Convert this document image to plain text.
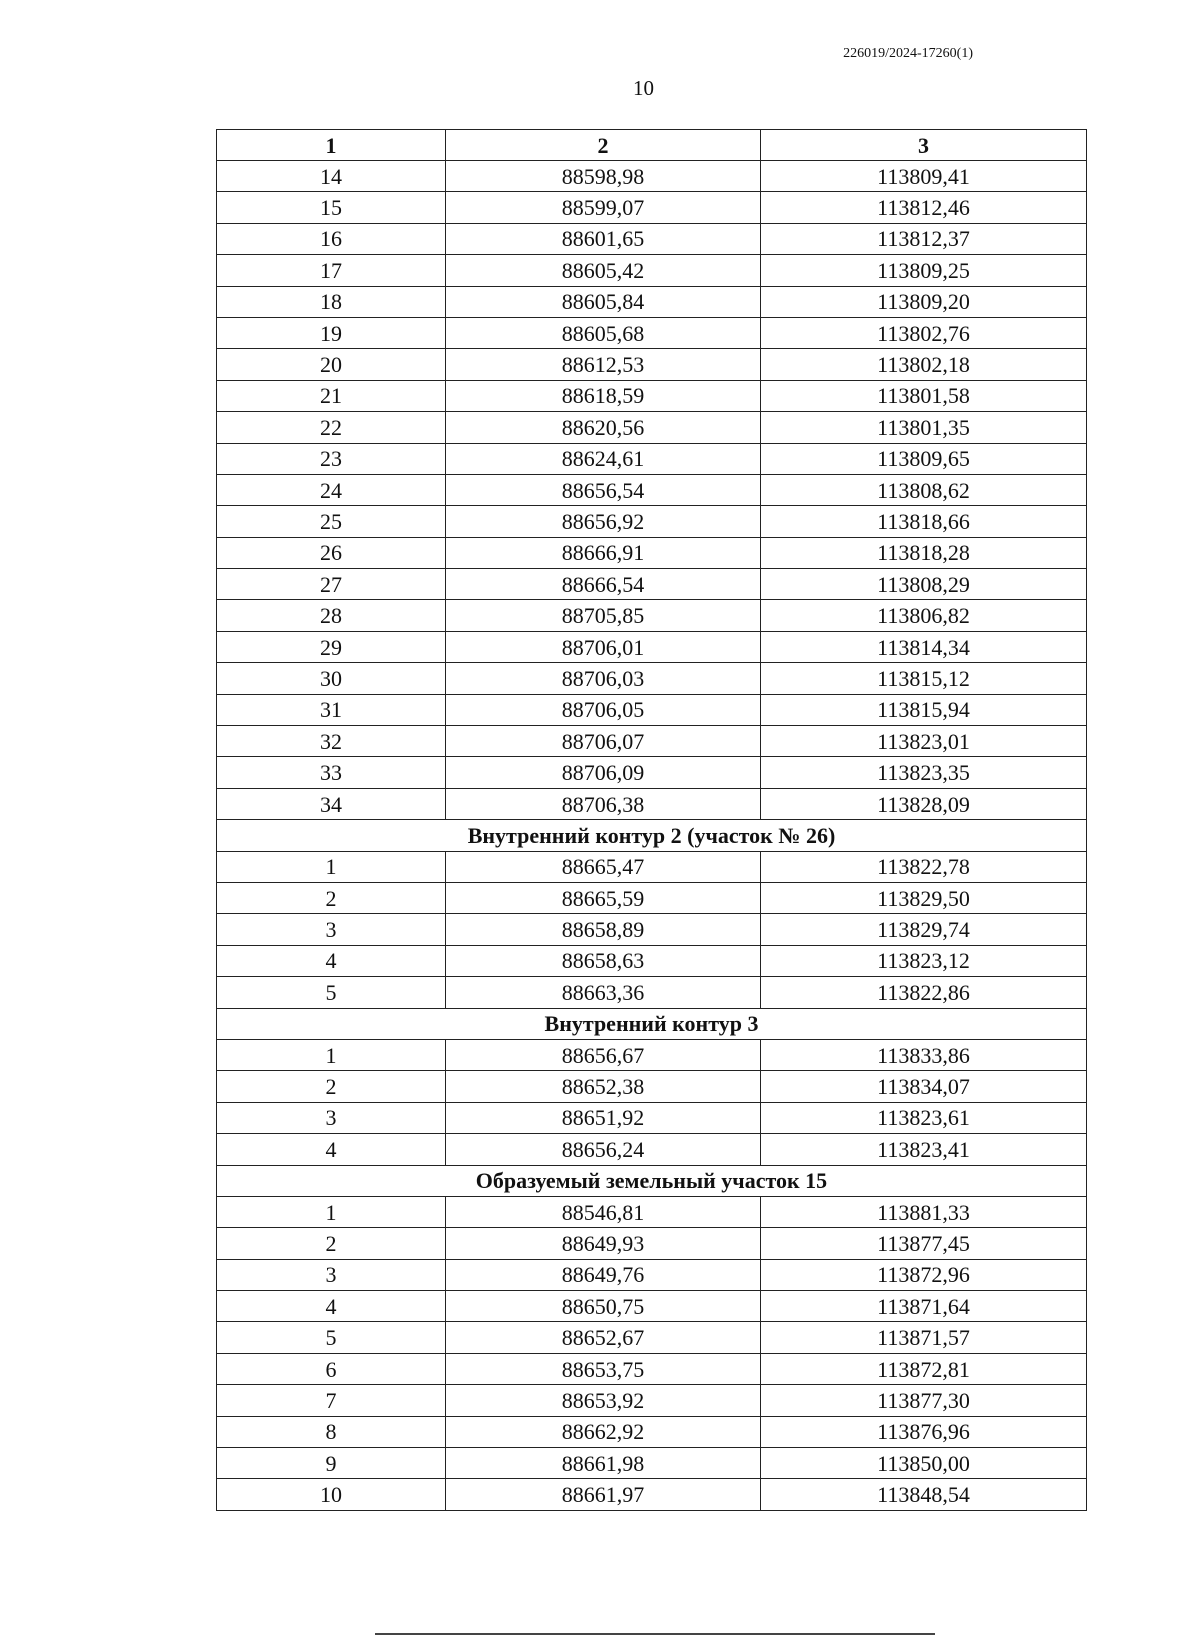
226019/2024-17260(1)
10
1	2	3
14	88598,98	113809,41
15	88599,07	113812,46
16	88601,65	113812,37
17	88605,42	113809,25
18	88605,84	113809,20
19	88605,68	113802,76
20	88612,53	113802,18
21	88618,59	113801,58
22	88620,56	113801,35
23	88624,61	113809,65
24	88656,54	113808,62
25	88656,92	113818,66
26	88666,91	113818,28
27	88666,54	113808,29
28	88705,85	113806,82
29	88706,01	113814,34
30	88706,03	113815,12
31	88706,05	113815,94
32	88706,07	113823,01
33	88706,09	113823,35
34	88706,38	113828,09
Внутренний контур 2 (участок № 26)		
1	88665,47	113822,78
2	88665,59	113829,50
3	88658,89	113829,74
4	88658,63	113823,12
5	88663,36	113822,86
Внутренний контур 3		
1	88656,67	113833,86
2	88652,38	113834,07
3	88651,92	113823,61
4	88656,24	113823,41
Образуемый земельный участок 15		
1	88546,81	113881,33
2	88649,93	113877,45
3	88649,76	113872,96
4	88650,75	113871,64
5	88652,67	113871,57
6	88653,75	113872,81
7	88653,92	113877,30
8	88662,92	113876,96
9	88661,98	113850,00
10	88661,97	113848,54
